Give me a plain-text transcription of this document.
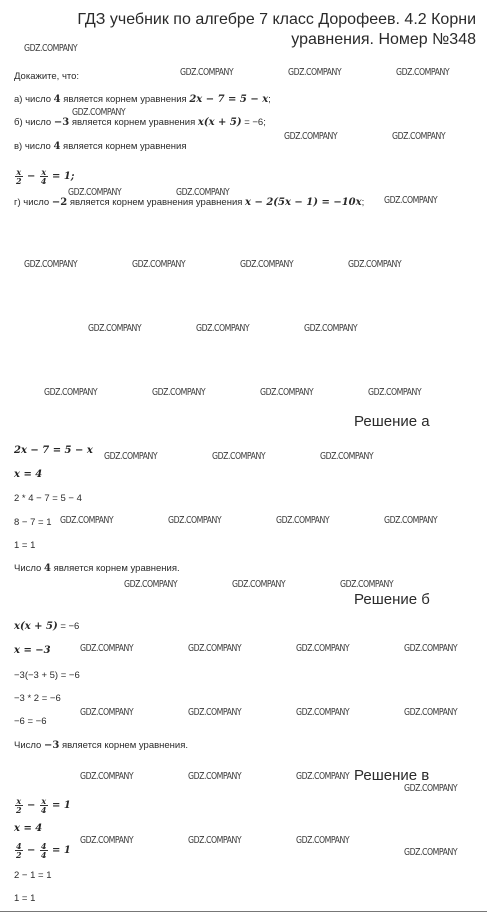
ГДЗ учебник по алгебре 7 класс Дорофеев. 4.2 Корни уравнения. Номер №348
Докажите, что:
а) число 4 является корнем уравнения 2x − 7 = 5 − x;
б) число −3 является корнем уравнения x(x + 5) = −6;
в) число 4 является корнем уравнения
$\frac{x}{2} - \frac{x}{4} = 1$;
г) число −2 является корнем уравнения уравнения x − 2(5x − 1) = −10x;
Решение а
2x − 7 = 5 − x
x = 4
2 * 4 − 7 = 5 − 4
8 − 7 = 1
1 = 1
Число 4 является корнем уравнения.
Решение б
x(x + 5) = −6
x = −3
−3(−3 + 5) = −6
−3 * 2 = −6
−6 = −6
Число −3 является корнем уравнения.
Решение в
$\frac{x}{2} - \frac{x}{4} = 1$
x = 4
$\frac{4}{2} - \frac{4}{4} = 1$
2 − 1 = 1
1 = 1
GDZ.COMPANY
GDZ.COMPANY	GDZ.COMPANY	GDZ.COMPANY
GDZ.COMPANY
GDZ.COMPANY	GDZ.COMPANY
GDZ.COMPANY	GDZ.COMPANY
GDZ.COMPANY
GDZ.COMPANY	GDZ.COMPANY	GDZ.COMPANY	GDZ.COMPANY
GDZ.COMPANY	GDZ.COMPANY	GDZ.COMPANY
GDZ.COMPANY	GDZ.COMPANY	GDZ.COMPANY	GDZ.COMPANY
GDZ.COMPANY	GDZ.COMPANY	GDZ.COMPANY
GDZ.COMPANY	GDZ.COMPANY	GDZ.COMPANY	GDZ.COMPANY
GDZ.COMPANY	GDZ.COMPANY	GDZ.COMPANY
GDZ.COMPANY	GDZ.COMPANY	GDZ.COMPANY	GDZ.COMPANY
GDZ.COMPANY	GDZ.COMPANY	GDZ.COMPANY	GDZ.COMPANY
GDZ.COMPANY	GDZ.COMPANY	GDZ.COMPANY
GDZ.COMPANY
GDZ.COMPANY	GDZ.COMPANY	GDZ.COMPANY
GDZ.COMPANY
